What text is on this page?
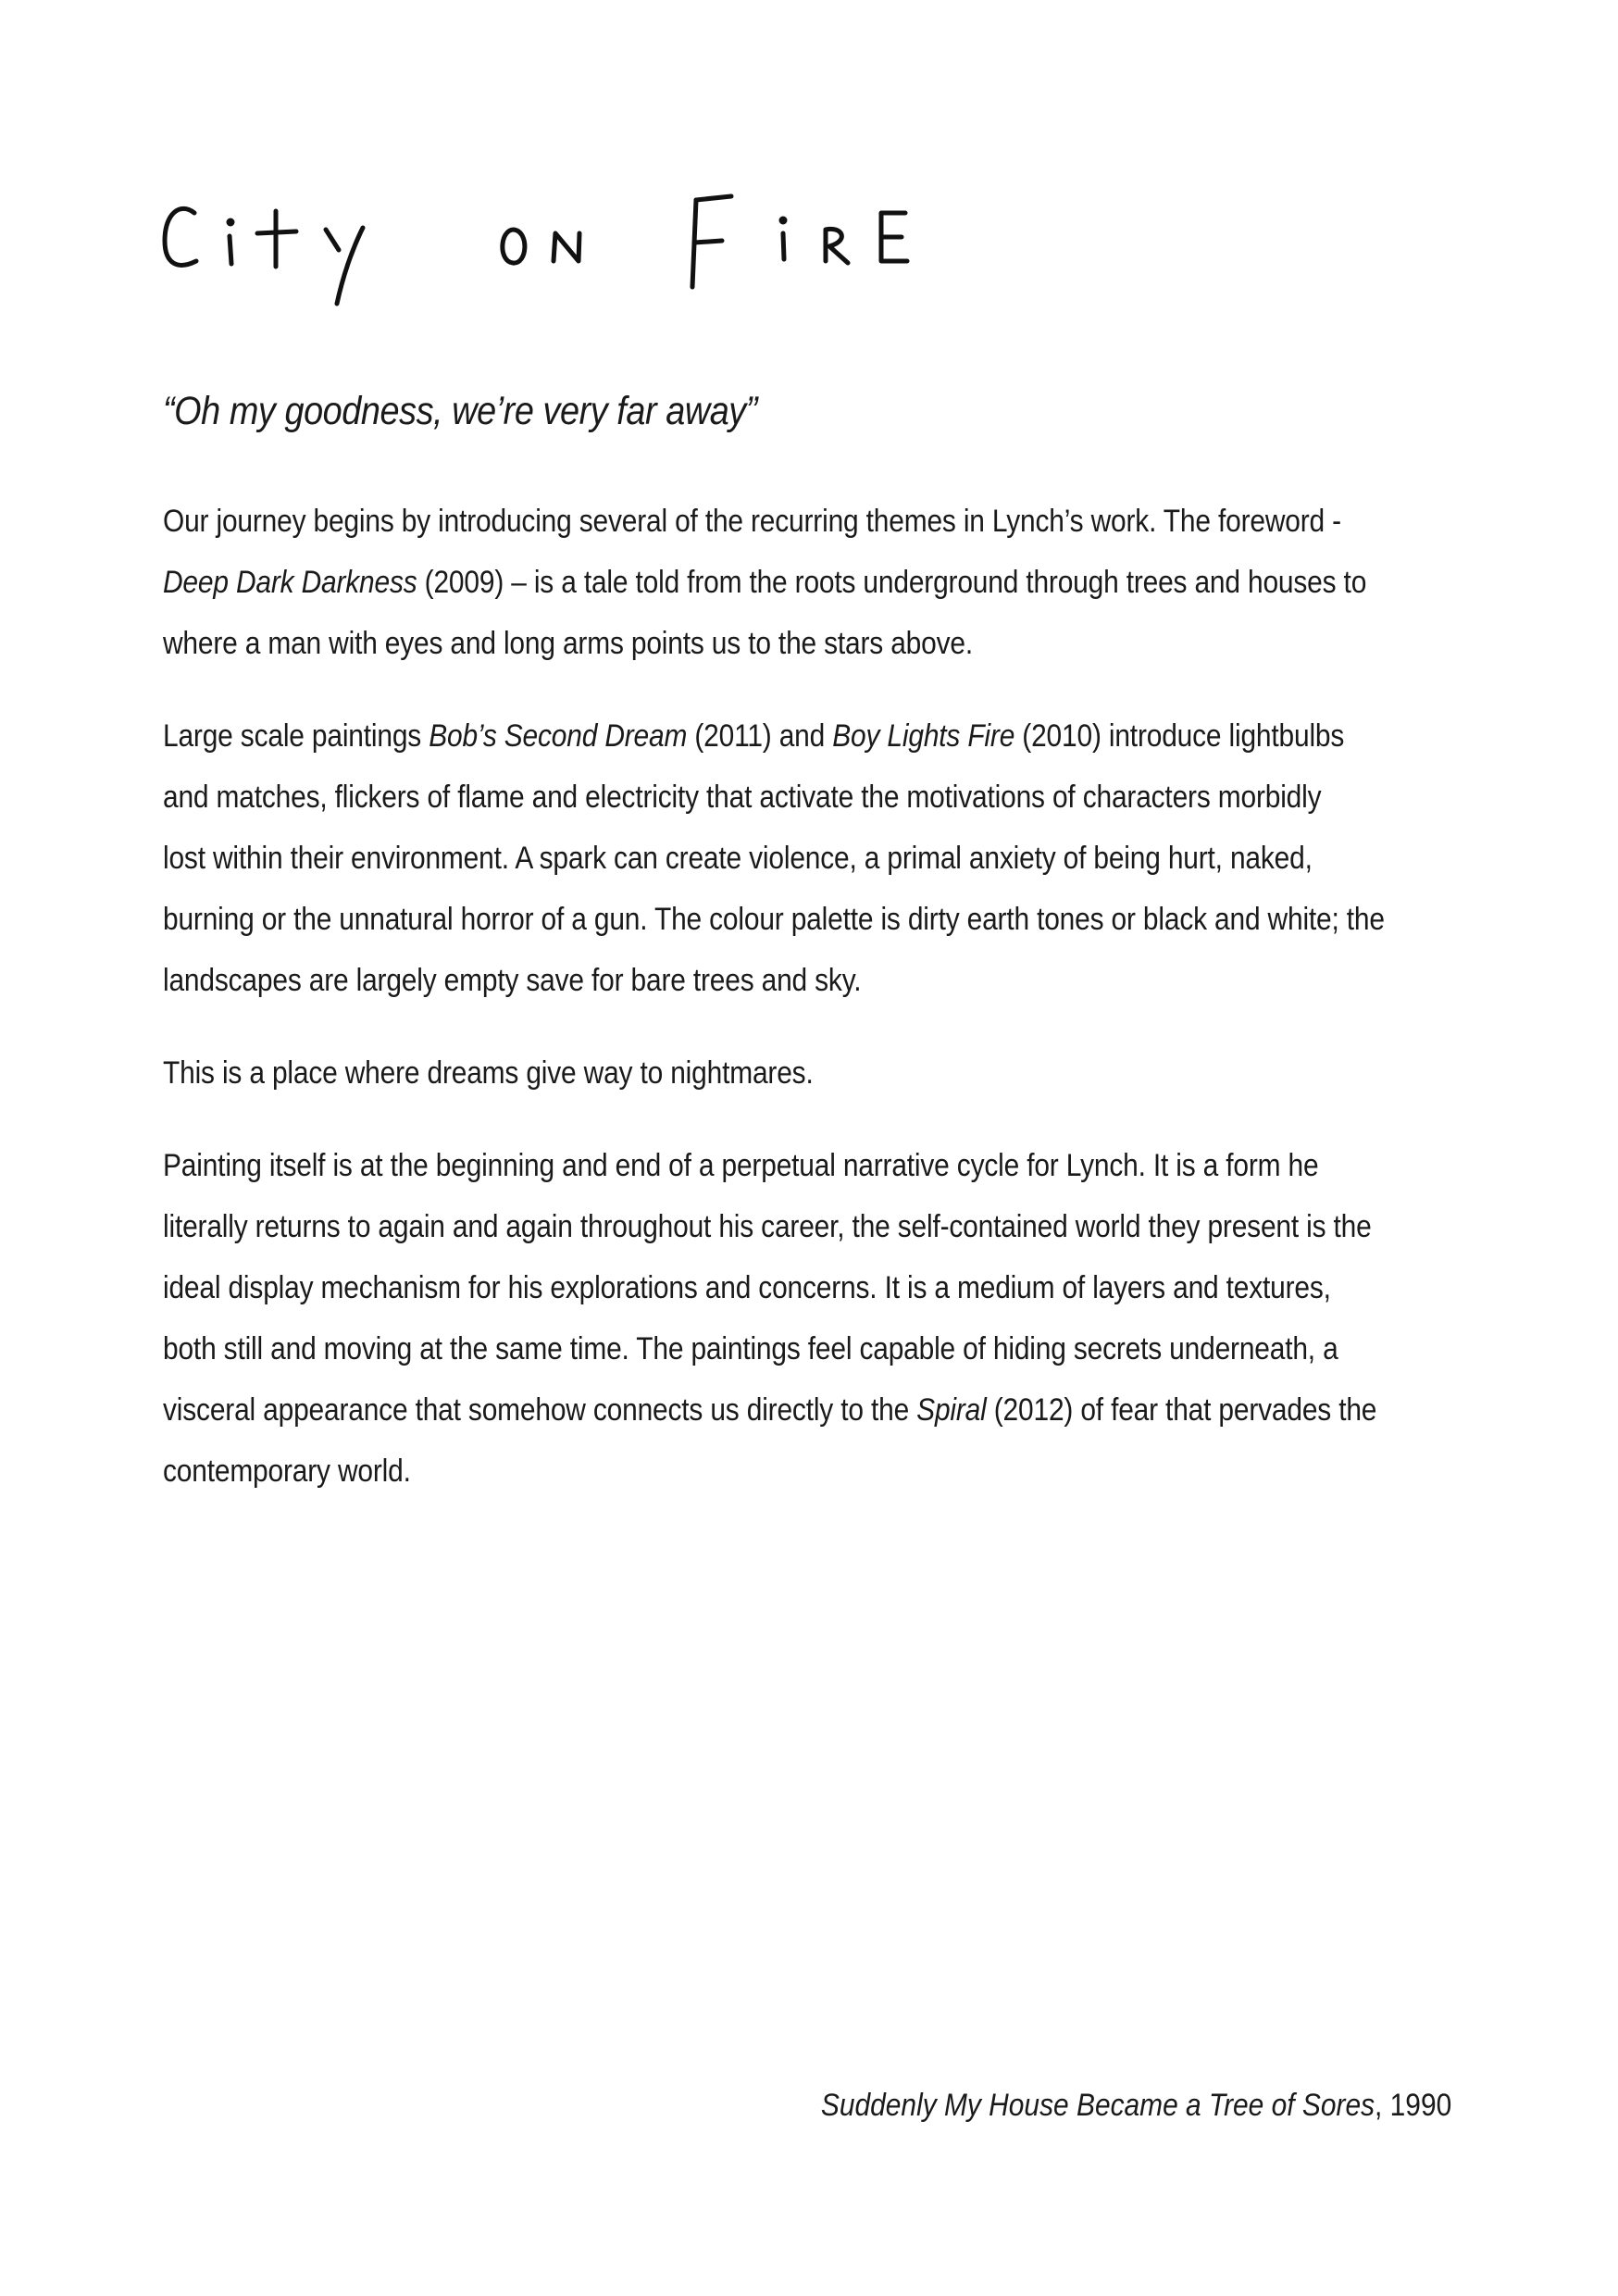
“Oh my goodness, we’re very far away”

Our journey begins by introducing several of the recurring themes in Lynch’s work. The foreword -
Deep Dark Darkness (2009) – is a tale told from the roots underground through trees and houses to
where a man with eyes and long arms points us to the stars above.

Large scale paintings Bob’s Second Dream (2011) and Boy Lights Fire (2010) introduce lightbulbs
and matches, flickers of flame and electricity that activate the motivations of characters morbidly
lost within their environment. A spark can create violence, a primal anxiety of being hurt, naked,
burning or the unnatural horror of a gun. The colour palette is dirty earth tones or black and white; the
landscapes are largely empty save for bare trees and sky.

This is a place where dreams give way to nightmares.

Painting itself is at the beginning and end of a perpetual narrative cycle for Lynch. It is a form he
literally returns to again and again throughout his career, the self-contained world they present is the
ideal display mechanism for his explorations and concerns. It is a medium of layers and textures,
both still and moving at the same time. The paintings feel capable of hiding secrets underneath, a
visceral appearance that somehow connects us directly to the Spiral (2012) of fear that pervades the
contemporary world.

Suddenly My House Became a Tree of Sores, 1990
